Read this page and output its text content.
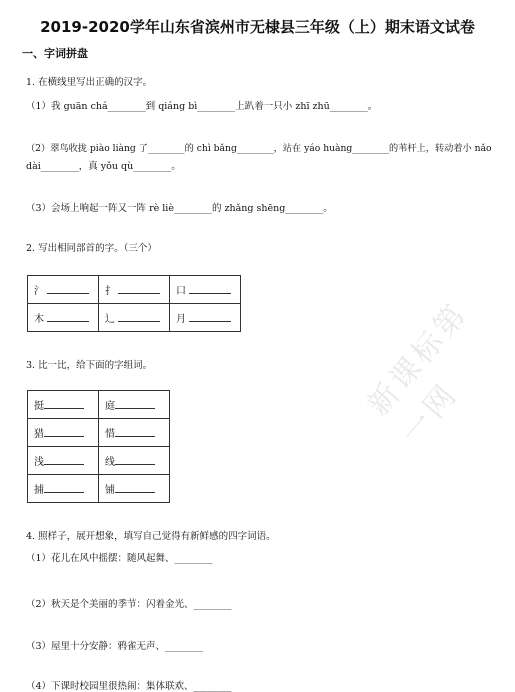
2019-2020学年山东省滨州市无棣县三年级（上）期末语文试卷
一、字词拼盘
1. 在横线里写出正确的汉字。
（1）我 guān chá________到 qiáng bì________上趴着一只小 zhī zhū________。
（2）翠鸟收拢 piào liàng 了________的 chì bǎng________，站在 yáo huàng________的苇杆上，转动着小 nǎo
dài________，真 yǒu qù________。
（3）会场上响起一阵又一阵 rè liè________的 zhǎng shēng________。
2. 写出相同部首的字。（三个）
氵	扌	口
木	辶	月
3. 比一比，给下面的字组词。
挺	庭
猎	惜
浅	线
捕	铺
4. 照样子，展开想象，填写自己觉得有新鲜感的四字词语。
（1）花儿在风中摇摆：随风起舞、________
（2）秋天是个美丽的季节：闪着金光、________
（3）屋里十分安静：鸦雀无声、________
（4）下课时校园里很热闹：集体联欢、________
新课标第一网
